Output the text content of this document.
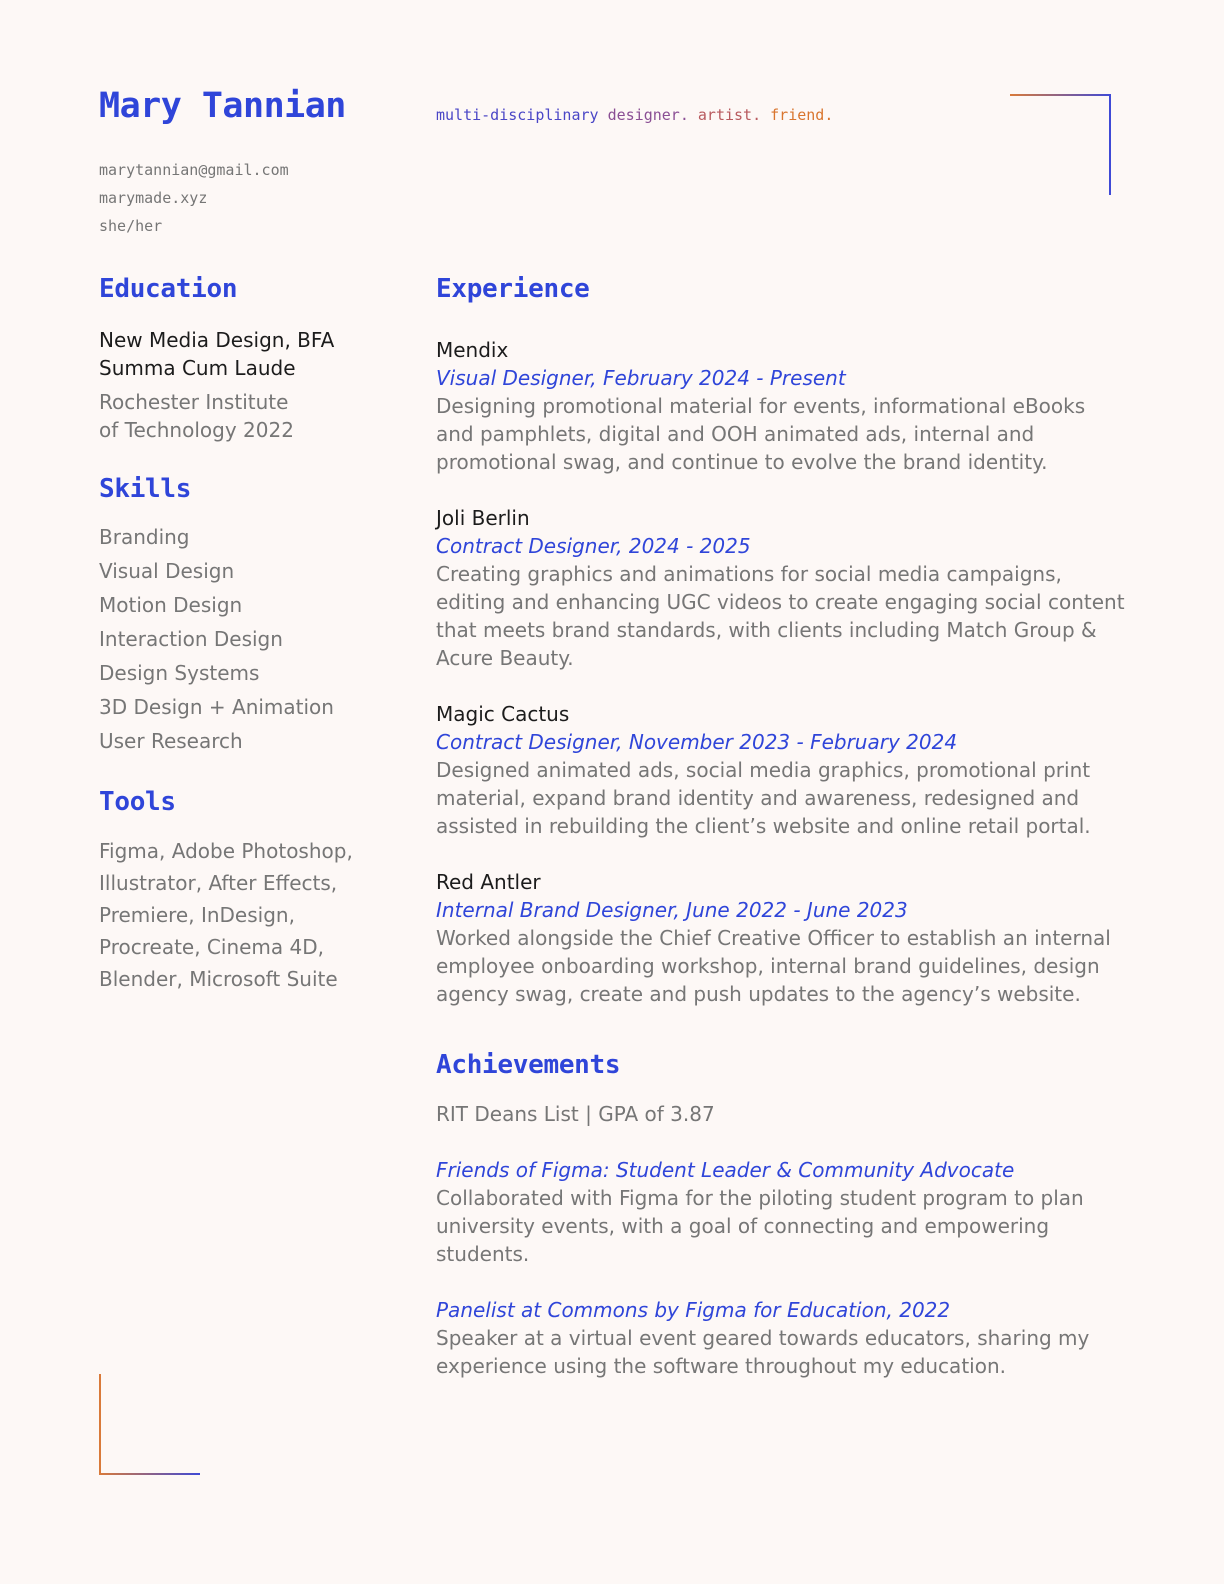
Mary Tannian	multi-disciplinary designer. artist. friend.
marytannian@gmail.com
marymade.xyz
she/her
Education
New Media Design, BFA
Summa Cum Laude
Rochester Institute
of Technology 2022
Skills
Branding
Visual Design
Motion Design
Interaction Design
Design Systems
3D Design + Animation
User Research
Tools
Figma, Adobe Photoshop, Illustrator, After Effects, Premiere, InDesign, Procreate, Cinema 4D, Blender, Microsoft Suite
Experience
Mendix
Visual Designer, February 2024 - Present
Designing promotional material for events, informational eBooks and pamphlets, digital and OOH animated ads, internal and promotional swag, and continue to evolve the brand identity.
Joli Berlin
Contract Designer, 2024 - 2025
Creating graphics and animations for social media campaigns, editing and enhancing UGC videos to create engaging social content that meets brand standards, with clients including Match Group & Acure Beauty.
Magic Cactus
Contract Designer, November 2023 - February 2024
Designed animated ads, social media graphics, promotional print material, expand brand identity and awareness, redesigned and assisted in rebuilding the client’s website and online retail portal.
Red Antler
Internal Brand Designer, June 2022 - June 2023
Worked alongside the Chief Creative Officer to establish an internal employee onboarding workshop, internal brand guidelines, design agency swag, create and push updates to the agency’s website.
Achievements
RIT Deans List | GPA of 3.87
Friends of Figma: Student Leader & Community Advocate
Collaborated with Figma for the piloting student program to plan university events, with a goal of connecting and empowering students.
Panelist at Commons by Figma for Education, 2022
Speaker at a virtual event geared towards educators, sharing my experience using the software throughout my education.
